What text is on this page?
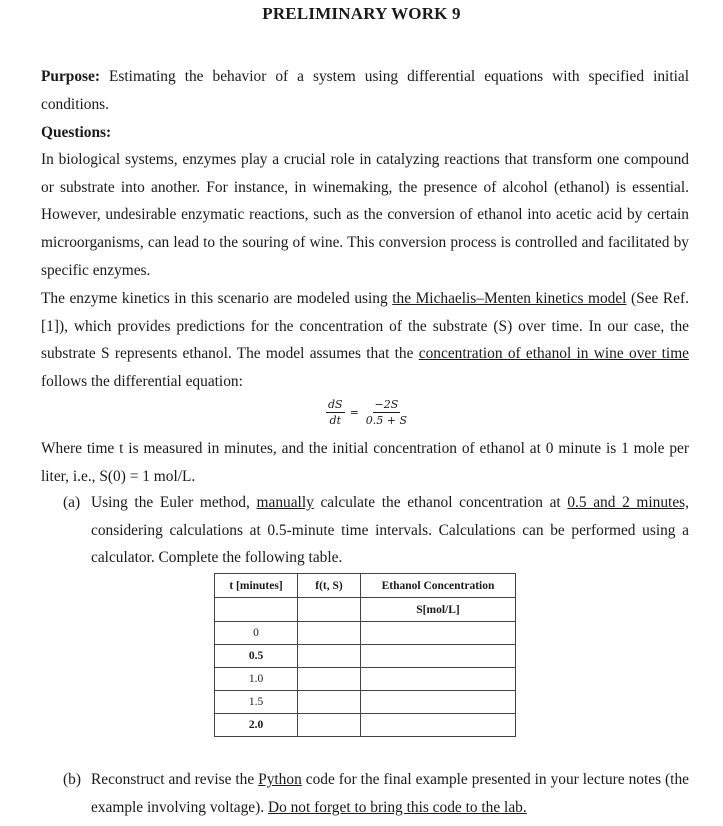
PRELIMINARY WORK 9
Purpose: Estimating the behavior of a system using differential equations with specified initial conditions.
Questions:
In biological systems, enzymes play a crucial role in catalyzing reactions that transform one compound or substrate into another. For instance, in winemaking, the presence of alcohol (ethanol) is essential. However, undesirable enzymatic reactions, such as the conversion of ethanol into acetic acid by certain microorganisms, can lead to the souring of wine. This conversion process is controlled and facilitated by specific enzymes.
The enzyme kinetics in this scenario are modeled using the Michaelis–Menten kinetics model (See Ref. [1]), which provides predictions for the concentration of the substrate (S) over time. In our case, the substrate S represents ethanol. The model assumes that the concentration of ethanol in wine over time follows the differential equation:
$\frac{dS}{dt} = \frac{-2S}{0.5 + S}$
Where time t is measured in minutes, and the initial concentration of ethanol at 0 minute is 1 mole per liter, i.e., S(0) = 1 mol/L.
(a) Using the Euler method, manually calculate the ethanol concentration at 0.5 and 2 minutes, considering calculations at 0.5-minute time intervals. Calculations can be performed using a calculator. Complete the following table.
t [minutes]	f(t, S)	Ethanol Concentration
		S[mol/L]
0		
0.5		
1.0		
1.5		
2.0		
(b) Reconstruct and revise the Python code for the final example presented in your lecture notes (the example involving voltage). Do not forget to bring this code to the lab.
